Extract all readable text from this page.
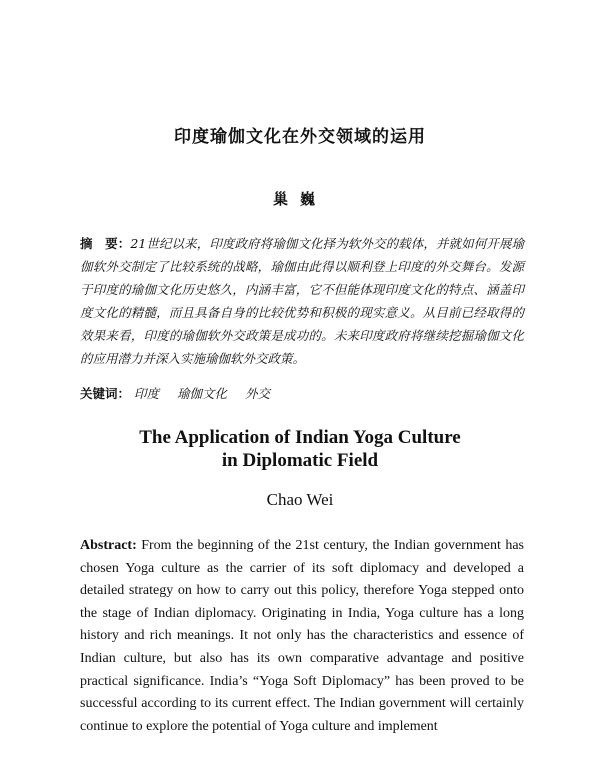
印度瑜伽文化在外交领域的运用
巢巍
摘　要：21世纪以来，印度政府将瑜伽文化择为软外交的载体，并就如何开展瑜伽软外交制定了比较系统的战略，瑜伽由此得以顺利登上印度的外交舞台。发源于印度的瑜伽文化历史悠久，内涵丰富，它不但能体现印度文化的特点、涵盖印度文化的精髓，而且具备自身的比较优势和积极的现实意义。从目前已经取得的效果来看，印度的瑜伽软外交政策是成功的。未来印度政府将继续挖掘瑜伽文化的应用潜力并深入实施瑜伽软外交政策。
关键词： 印度 瑜伽文化 外交
The Application of Indian Yoga Culture
in Diplomatic Field
Chao Wei
Abstract: From the beginning of the 21st century, the Indian government has chosen Yoga culture as the carrier of its soft diplomacy and developed a detailed strategy on how to carry out this policy, therefore Yoga stepped onto the stage of Indian diplomacy. Originating in India, Yoga culture has a long history and rich meanings. It not only has the characteristics and essence of Indian culture, but also has its own comparative advantage and positive practical significance. India’s “Yoga Soft Diplomacy” has been proved to be successful according to its current effect. The Indian government will certainly continue to explore the potential of Yoga culture and implement
